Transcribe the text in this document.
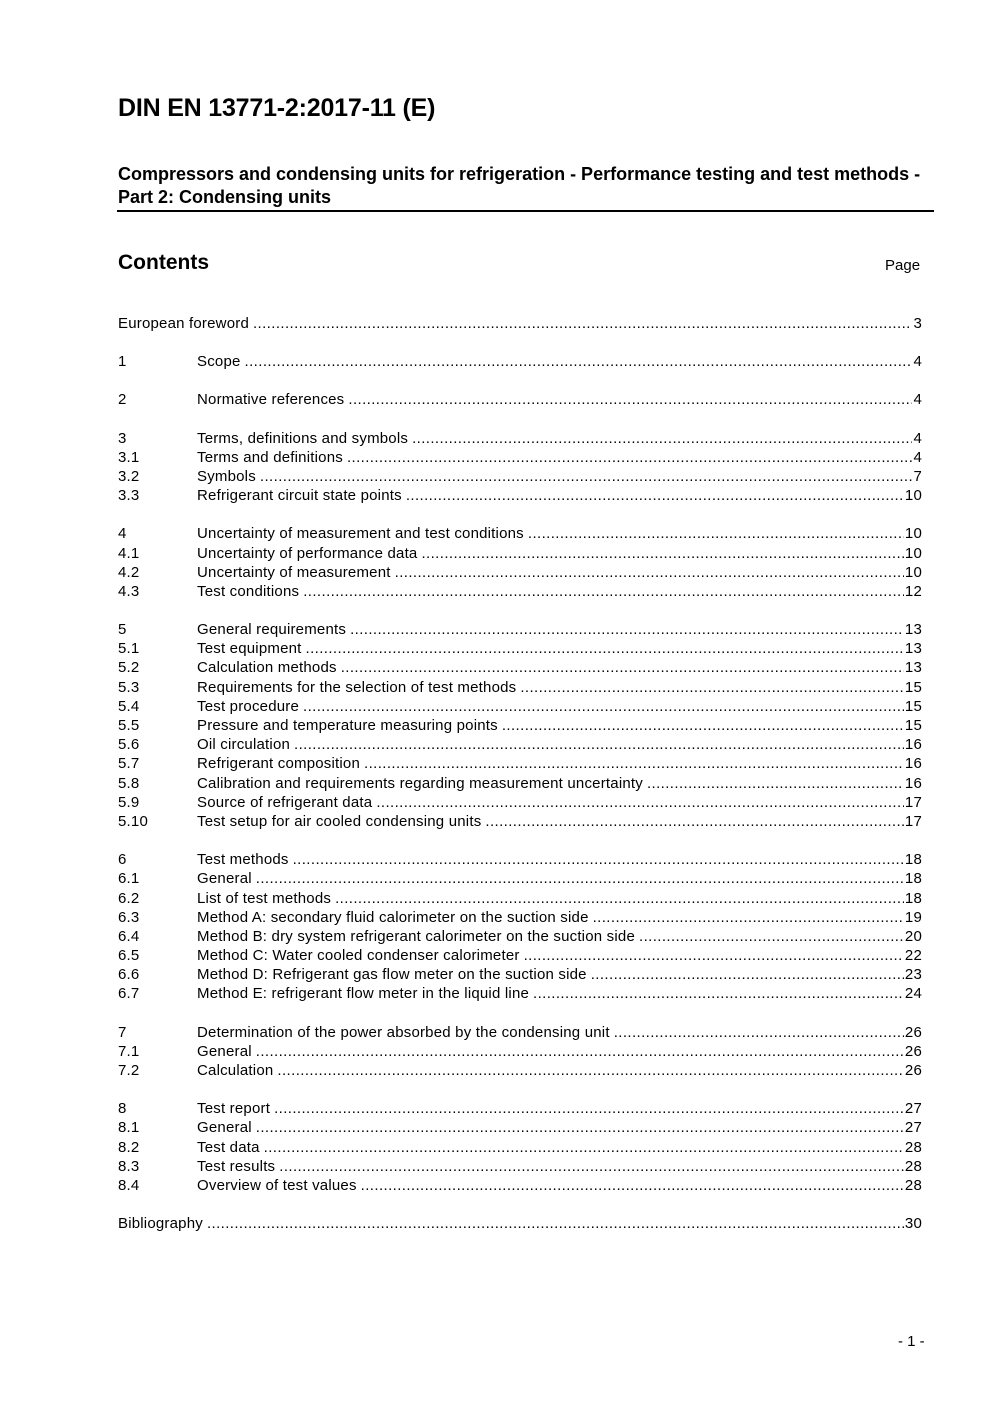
DIN EN 13771-2:2017-11 (E)
Compressors and condensing units for refrigeration - Performance testing and test methods - Part 2: Condensing units
Contents	Page
European foreword .....	3
1	Scope .....	4
2	Normative references .....	4
3	Terms, definitions and symbols .....	4
3.1	Terms and definitions .....	4
3.2	Symbols .....	7
3.3	Refrigerant circuit state points .....	10
4	Uncertainty of measurement and test conditions .....	10
4.1	Uncertainty of performance data .....	10
4.2	Uncertainty of measurement .....	10
4.3	Test conditions .....	12
5	General requirements .....	13
5.1	Test equipment .....	13
5.2	Calculation methods .....	13
5.3	Requirements for the selection of test methods .....	15
5.4	Test procedure .....	15
5.5	Pressure and temperature measuring points .....	15
5.6	Oil circulation .....	16
5.7	Refrigerant composition .....	16
5.8	Calibration and requirements regarding measurement uncertainty .....	16
5.9	Source of refrigerant data .....	17
5.10	Test setup for air cooled condensing units .....	17
6	Test methods .....	18
6.1	General .....	18
6.2	List of test methods .....	18
6.3	Method A: secondary fluid calorimeter on the suction side .....	19
6.4	Method B: dry system refrigerant calorimeter on the suction side .....	20
6.5	Method C: Water cooled condenser calorimeter .....	22
6.6	Method D: Refrigerant gas flow meter on the suction side .....	23
6.7	Method E: refrigerant flow meter in the liquid line .....	24
7	Determination of the power absorbed by the condensing unit .....	26
7.1	General .....	26
7.2	Calculation .....	26
8	Test report .....	27
8.1	General .....	27
8.2	Test data .....	28
8.3	Test results .....	28
8.4	Overview of test values .....	28
Bibliography .....	30
- 1 -
